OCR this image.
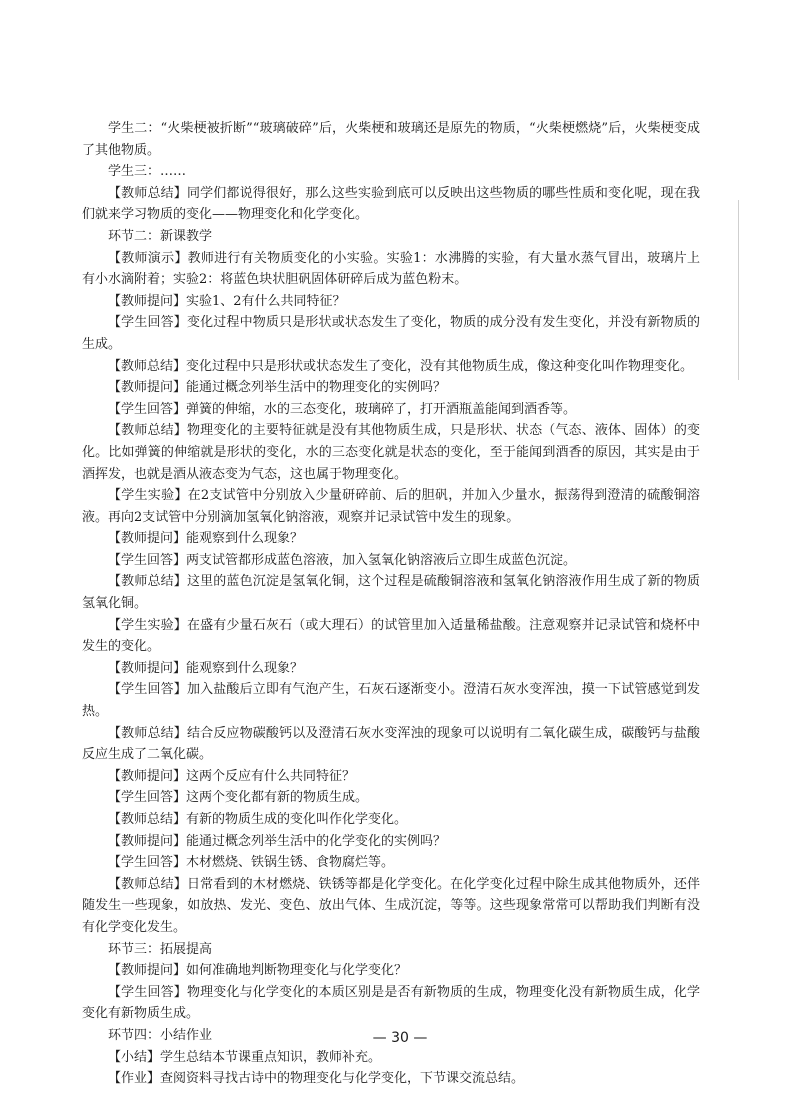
学生二：“火柴梗被折断”“玻璃破碎”后，火柴梗和玻璃还是原先的物质，“火柴梗燃烧”后，火柴梗变成了其他物质。

学生三：……

【教师总结】同学们都说得很好，那么这些实验到底可以反映出这些物质的哪些性质和变化呢，现在我们就来学习物质的变化——物理变化和化学变化。

环节二：新课教学

【教师演示】教师进行有关物质变化的小实验。实验1：水沸腾的实验，有大量水蒸气冒出，玻璃片上有小水滴附着；实验2：将蓝色块状胆矾固体研碎后成为蓝色粉末。

【教师提问】实验1、2有什么共同特征？

【学生回答】变化过程中物质只是形状或状态发生了变化，物质的成分没有发生变化，并没有新物质的生成。

【教师总结】变化过程中只是形状或状态发生了变化，没有其他物质生成，像这种变化叫作物理变化。

【教师提问】能通过概念列举生活中的物理变化的实例吗？

【学生回答】弹簧的伸缩，水的三态变化，玻璃碎了，打开酒瓶盖能闻到酒香等。

【教师总结】物理变化的主要特征就是没有其他物质生成，只是形状、状态（气态、液体、固体）的变化。比如弹簧的伸缩就是形状的变化，水的三态变化就是状态的变化，至于能闻到酒香的原因，其实是由于酒挥发，也就是酒从液态变为气态，这也属于物理变化。

【学生实验】在2支试管中分别放入少量研碎前、后的胆矾，并加入少量水，振荡得到澄清的硫酸铜溶液。再向2支试管中分别滴加氢氧化钠溶液，观察并记录试管中发生的现象。

【教师提问】能观察到什么现象？

【学生回答】两支试管都形成蓝色溶液，加入氢氧化钠溶液后立即生成蓝色沉淀。

【教师总结】这里的蓝色沉淀是氢氧化铜，这个过程是硫酸铜溶液和氢氧化钠溶液作用生成了新的物质氢氧化铜。

【学生实验】在盛有少量石灰石（或大理石）的试管里加入适量稀盐酸。注意观察并记录试管和烧杯中发生的变化。

【教师提问】能观察到什么现象？

【学生回答】加入盐酸后立即有气泡产生，石灰石逐渐变小。澄清石灰水变浑浊，摸一下试管感觉到发热。

【教师总结】结合反应物碳酸钙以及澄清石灰水变浑浊的现象可以说明有二氧化碳生成，碳酸钙与盐酸反应生成了二氧化碳。

【教师提问】这两个反应有什么共同特征？

【学生回答】这两个变化都有新的物质生成。

【教师总结】有新的物质生成的变化叫作化学变化。

【教师提问】能通过概念列举生活中的化学变化的实例吗？

【学生回答】木材燃烧、铁锅生锈、食物腐烂等。

【教师总结】日常看到的木材燃烧、铁锈等都是化学变化。在化学变化过程中除生成其他物质外，还伴随发生一些现象，如放热、发光、变色、放出气体、生成沉淀，等等。这些现象常常可以帮助我们判断有没有化学变化发生。

环节三：拓展提高

【教师提问】如何准确地判断物理变化与化学变化？

【学生回答】物理变化与化学变化的本质区别是是否有新物质的生成，物理变化没有新物质生成，化学变化有新物质生成。

环节四：小结作业

【小结】学生总结本节课重点知识，教师补充。

【作业】查阅资料寻找古诗中的物理变化与化学变化，下节课交流总结。

— 30 —
